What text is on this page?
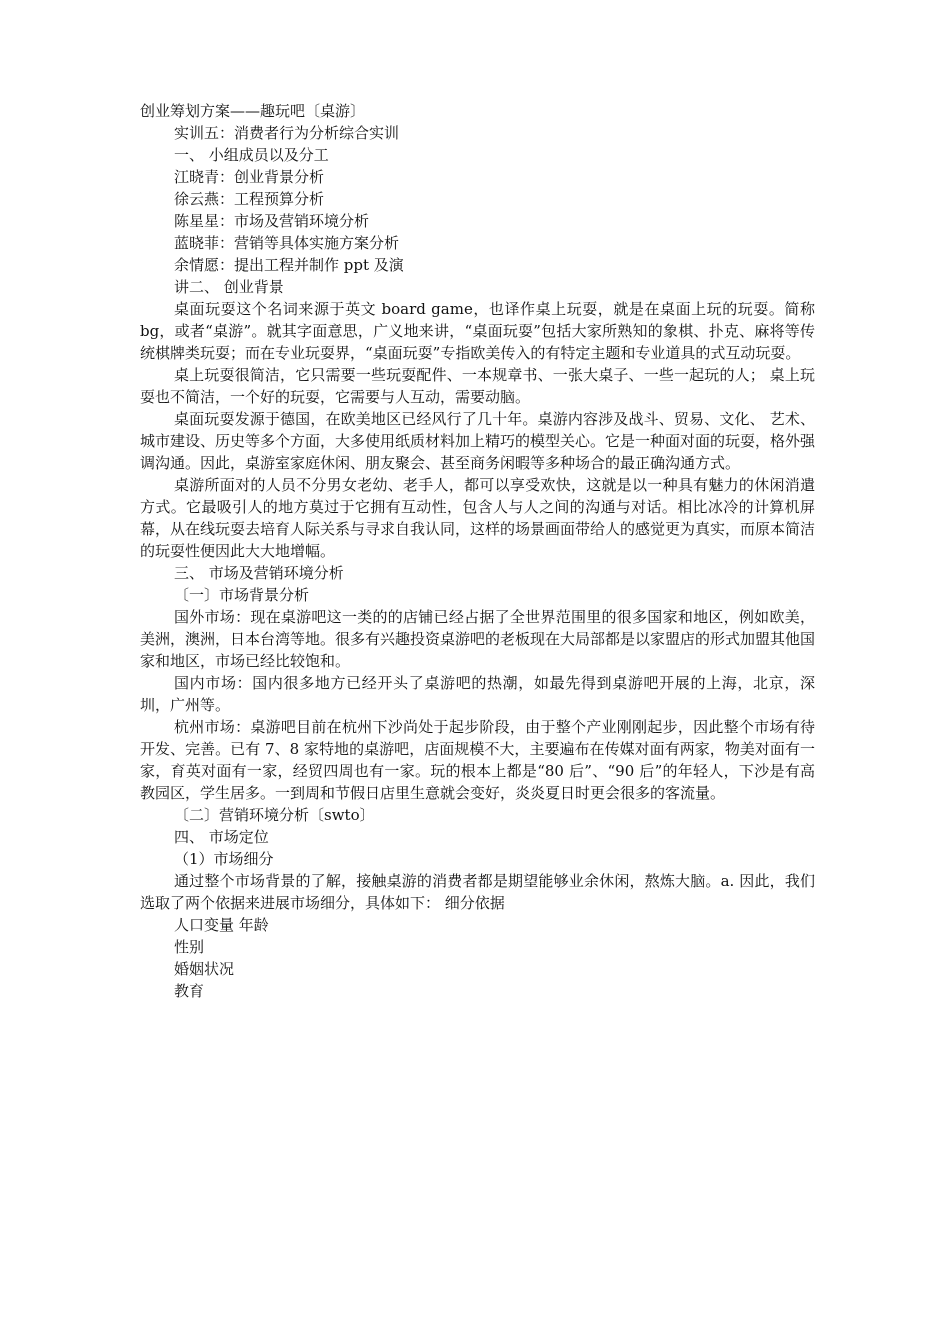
创业筹划方案——趣玩吧〔桌游〕

实训五：消费者行为分析综合实训

一、 小组成员以及分工

江晓青：创业背景分析

徐云燕：工程预算分析

陈星星：市场及营销环境分析

蓝晓菲：营销等具体实施方案分析

余情愿：提出工程并制作 ppt 及演

讲二、 创业背景

桌面玩耍这个名词来源于英文 board game，也译作桌上玩耍，就是在桌面上玩的玩耍。简称 bg，或者“桌游”。就其字面意思，广义地来讲，“桌面玩耍”包括大家所熟知的象棋、扑克、麻将等传统棋牌类玩耍；而在专业玩耍界，“桌面玩耍”专指欧美传入的有特定主题和专业道具的式互动玩耍。

桌上玩耍很简洁，它只需要一些玩耍配件、一本规章书、一张大桌子、一些一起玩的人； 桌上玩耍也不简洁，一个好的玩耍，它需要与人互动，需要动脑。

桌面玩耍发源于德国，在欧美地区已经风行了几十年。桌游内容涉及战斗、贸易、文化、 艺术、城市建设、历史等多个方面，大多使用纸质材料加上精巧的模型关心。它是一种面对面的玩耍，格外强调沟通。因此，桌游室家庭休闲、朋友聚会、甚至商务闲暇等多种场合的最正确沟通方式。

桌游所面对的人员不分男女老幼、老手人，都可以享受欢快，这就是以一种具有魅力的休闲消遣方式。它最吸引人的地方莫过于它拥有互动性，包含人与人之间的沟通与对话。相比冰冷的计算机屏幕，从在线玩耍去培育人际关系与寻求自我认同，这样的场景画面带给人的感觉更为真实，而原本简洁的玩耍性便因此大大地增幅。

三、 市场及营销环境分析

〔一〕市场背景分析

国外市场：现在桌游吧这一类的的店铺已经占据了全世界范围里的很多国家和地区，例如欧美，美洲，澳洲，日本台湾等地。很多有兴趣投资桌游吧的老板现在大局部都是以家盟店的形式加盟其他国家和地区，市场已经比较饱和。

国内市场：国内很多地方已经开头了桌游吧的热潮，如最先得到桌游吧开展的上海，北京，深圳，广州等。

杭州市场：桌游吧目前在杭州下沙尚处于起步阶段，由于整个产业刚刚起步，因此整个市场有待开发、完善。已有 7、8 家特地的桌游吧，店面规模不大，主要遍布在传媒对面有两家，物美对面有一家，育英对面有一家，经贸四周也有一家。玩的根本上都是“80 后”、“90 后”的年轻人，下沙是有高教园区，学生居多。一到周和节假日店里生意就会变好，炎炎夏日时更会很多的客流量。

〔二〕营销环境分析〔swto〕

四、 市场定位

（1）市场细分

通过整个市场背景的了解，接触桌游的消费者都是期望能够业余休闲，熬炼大脑。a. 因此，我们选取了两个依据来进展市场细分，具体如下： 细分依据

人口变量 年龄

性别

婚姻状况

教育
